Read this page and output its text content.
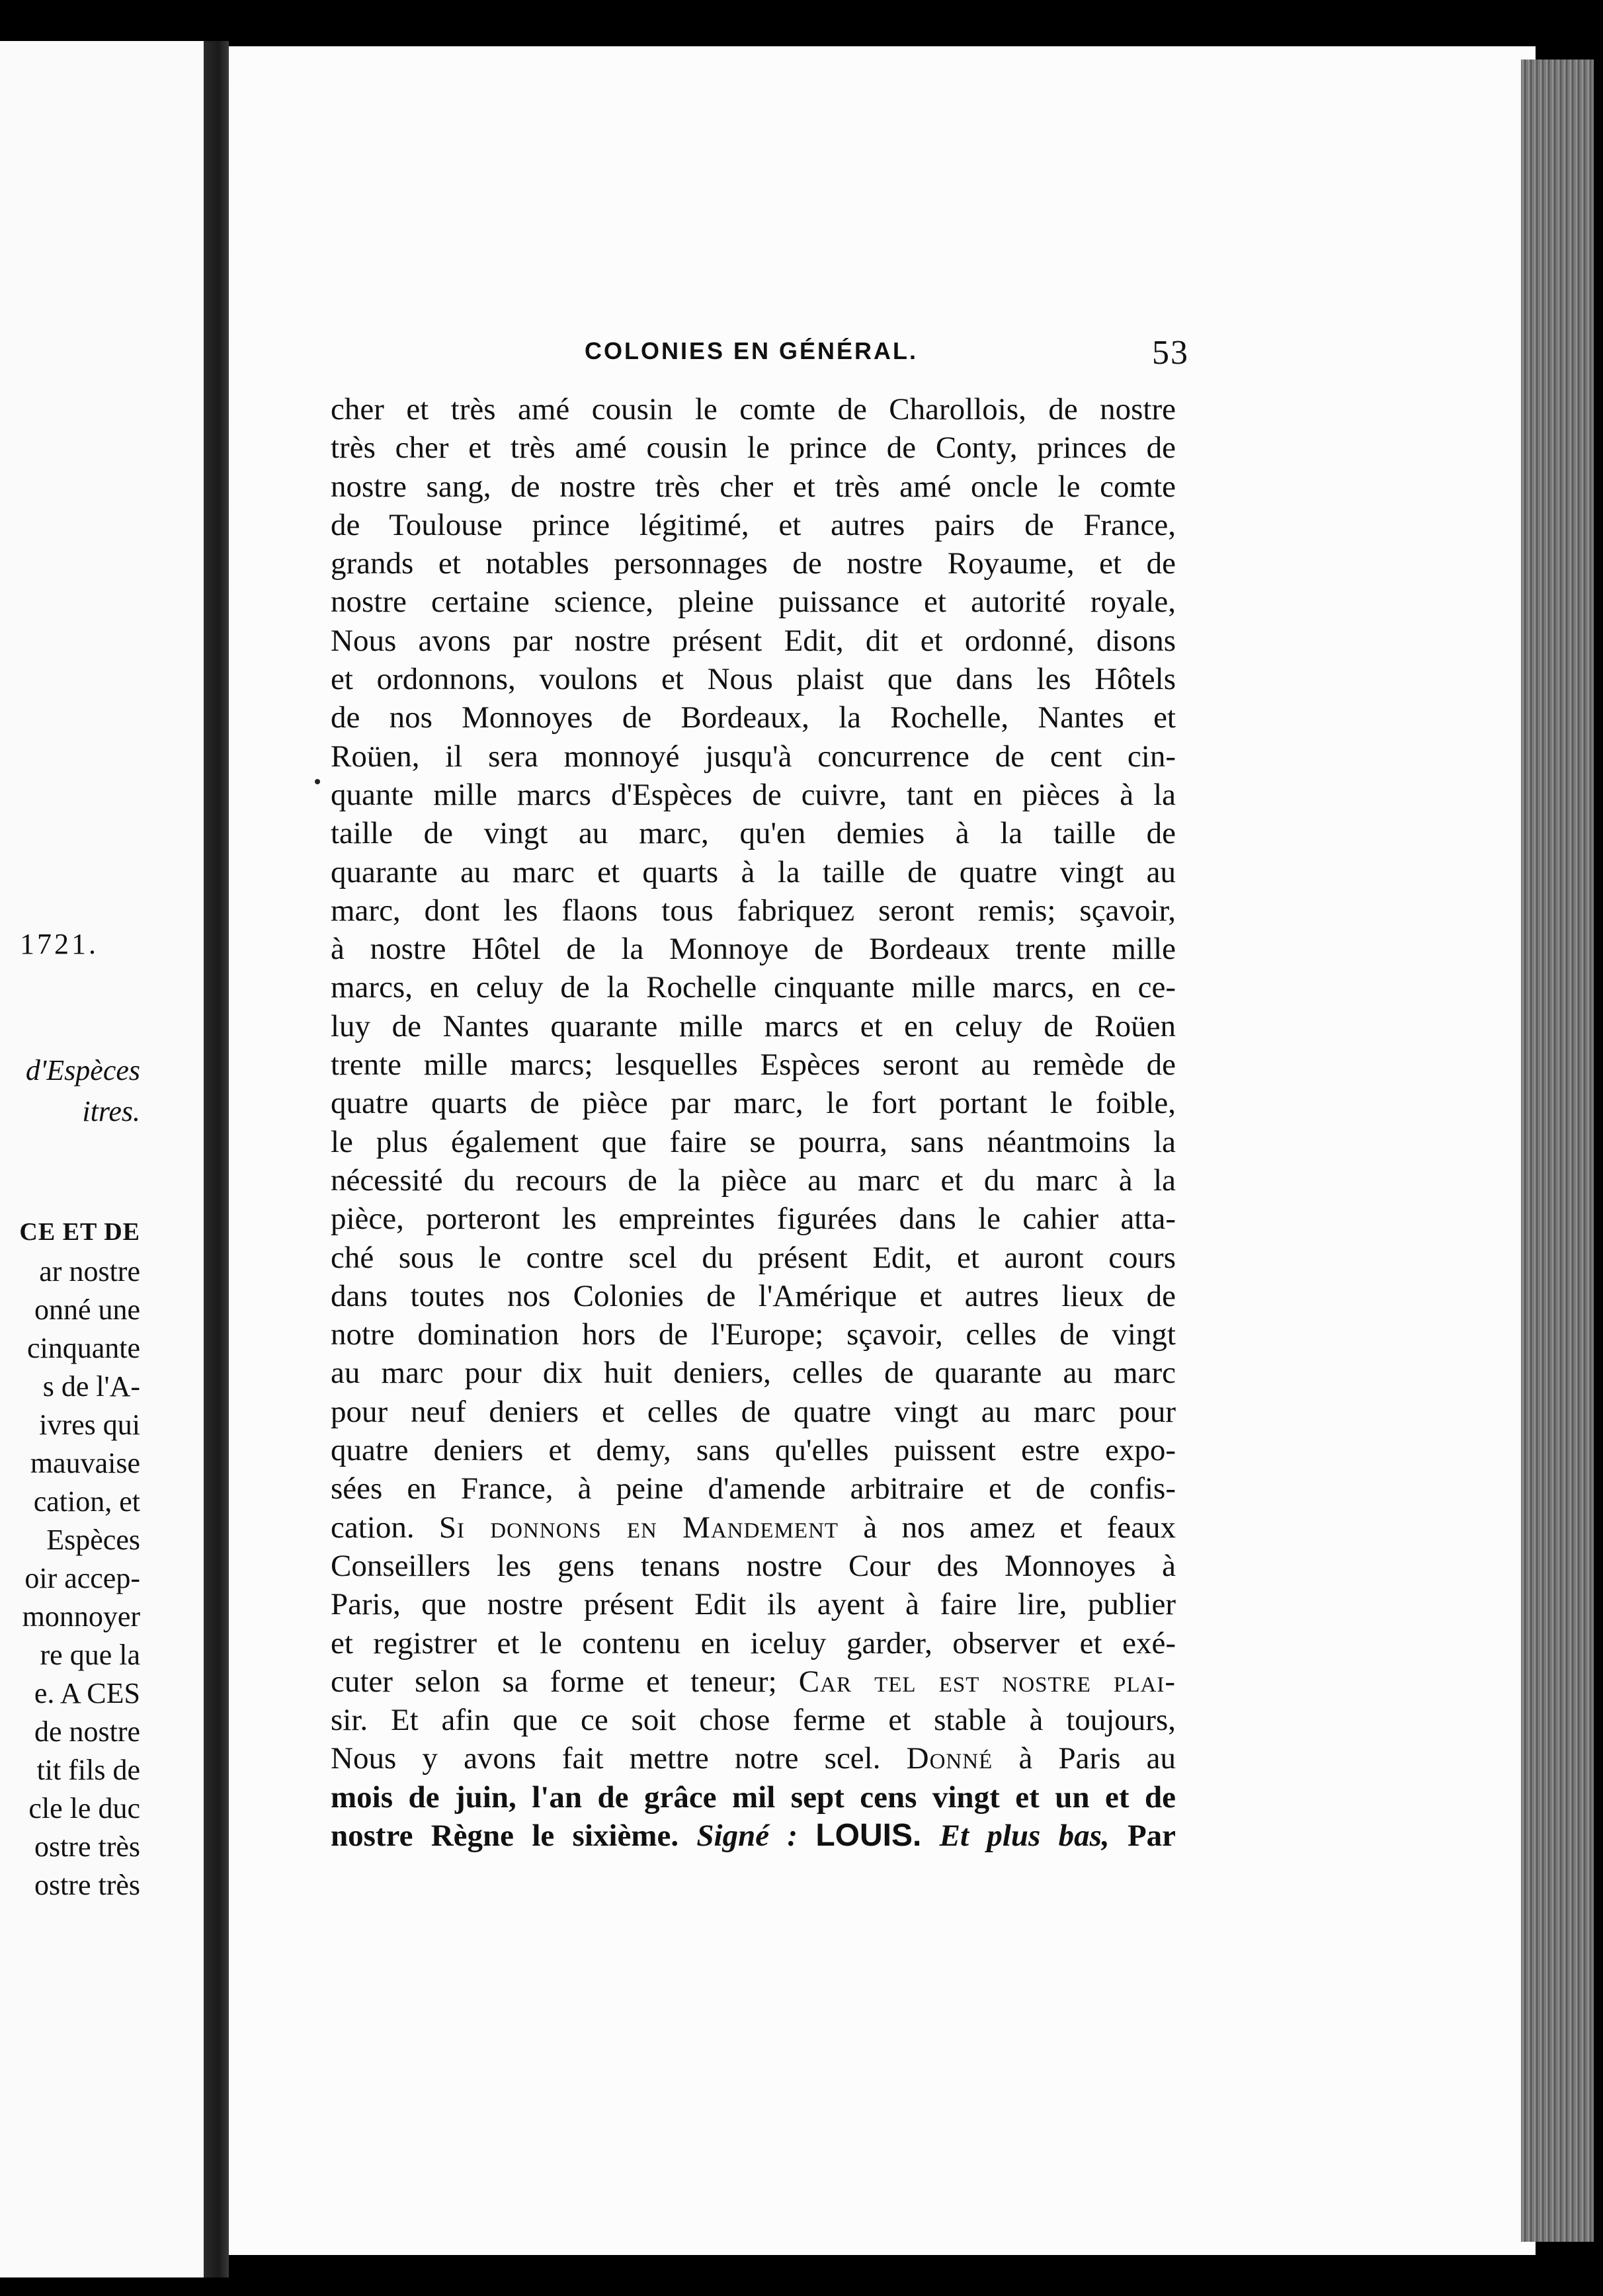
1721.
d'Espèces
itres.
CE ET DE
ar nostre
onné une
cinquante
s de l'A-
ivres qui
mauvaise
cation, et
Espèces
oir accep-
monnoyer
re que la
e. A CES
de nostre
tit fils de
cle le duc
ostre très
ostre très
COLONIES EN GÉNÉRAL.	53
cher et très amé cousin le comte de Charollois, de nostre
très cher et très amé cousin le prince de Conty, princes de
nostre sang, de nostre très cher et très amé oncle le comte
de Toulouse prince légitimé, et autres pairs de France,
grands et notables personnages de nostre Royaume, et de
nostre certaine science, pleine puissance et autorité royale,
Nous avons par nostre présent Edit, dit et ordonné, disons
et ordonnons, voulons et Nous plaist que dans les Hôtels
de nos Monnoyes de Bordeaux, la Rochelle, Nantes et
Roüen, il sera monnoyé jusqu'à concurrence de cent cin-
quante mille marcs d'Espèces de cuivre, tant en pièces à la
taille de vingt au marc, qu'en demies à la taille de
quarante au marc et quarts à la taille de quatre vingt au
marc, dont les flaons tous fabriquez seront remis; sçavoir,
à nostre Hôtel de la Monnoye de Bordeaux trente mille
marcs, en celuy de la Rochelle cinquante mille marcs, en ce-
luy de Nantes quarante mille marcs et en celuy de Roüen
trente mille marcs; lesquelles Espèces seront au remède de
quatre quarts de pièce par marc, le fort portant le foible,
le plus également que faire se pourra, sans néantmoins la
nécessité du recours de la pièce au marc et du marc à la
pièce, porteront les empreintes figurées dans le cahier atta-
ché sous le contre scel du présent Edit, et auront cours
dans toutes nos Colonies de l'Amérique et autres lieux de
notre domination hors de l'Europe; sçavoir, celles de vingt
au marc pour dix huit deniers, celles de quarante au marc
pour neuf deniers et celles de quatre vingt au marc pour
quatre deniers et demy, sans qu'elles puissent estre expo-
sées en France, à peine d'amende arbitraire et de confis-
cation. Si donnons en Mandement à nos amez et feaux
Conseillers les gens tenans nostre Cour des Monnoyes à
Paris, que nostre présent Edit ils ayent à faire lire, publier
et registrer et le contenu en iceluy garder, observer et exé-
cuter selon sa forme et teneur; Car tel est nostre plai-
sir. Et afin que ce soit chose ferme et stable à toujours,
Nous y avons fait mettre notre scel. Donné à Paris au
mois de juin, l'an de grâce mil sept cens vingt et un et de
nostre Règne le sixième. Signé : LOUIS. Et plus bas, Par
